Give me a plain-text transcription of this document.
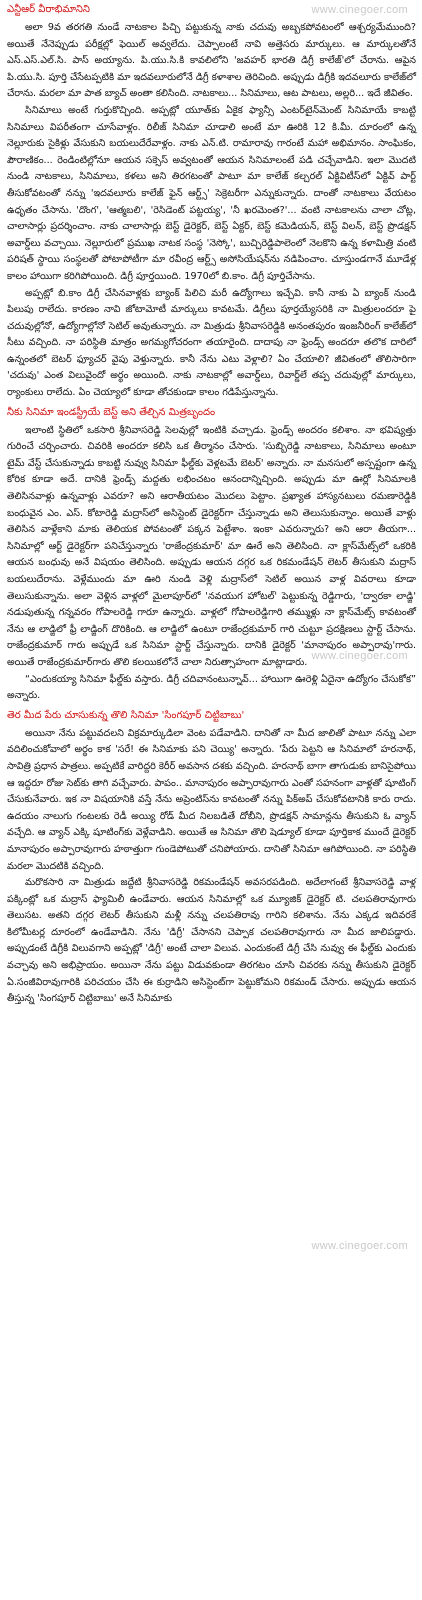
www.cinegoer.com
www.cinegoer.com
www.cinegoer.com
ఎన్టీఆర్ వీరాభిమానిని

అలా 9వ తరగతి నుండే నాటకాల పిచ్చి పట్టుకున్న నాకు చదువు అబ్బకపోవటంలో ఆశ్చర్యమేముంది? అయితే నేనెప్పుడు పరీక్షల్లో ఫెయిల్ అవ్వలేదు. చెప్పాలంటే నావి అత్తెసరు మార్కులు. ఆ మార్కులతోనే ఎస్.ఎస్.ఎల్.సి. పాస్ అయ్యాను. పి.యు.సి.కి కావలిలోని 'జవహర్ భారతి డిగ్రీ కాలేజ్'లో చేరాను. ఆపైన పి.యు.సి. పూర్తి చేసేటప్పటికి మా ఇదవలూరులోనే డిగ్రీ కళాశాల తెరిచింది. అప్పుడు డిగ్రీకి ఇదవలూరు కాలేజ్‌లో చేరాను. మరలా మా పాత బ్యాచ్ అంతా కలిసింది. నాటకాలు... సినిమాలు, ఆట పాటలు, అల్లరి... ఇదే జీవితం.

సినిమాలు అంటే గుర్తుకొచ్చింది. అప్పట్లో యూత్‌కు ఏకైక ఫ్యాన్సీ ఎంటర్‌టైన్‌మెంట్ సినిమాయే కాబట్టి సినిమాలు విపరీతంగా చూసేవాళ్లం. రిలీజ్ సినిమా చూడాలి అంటే మా ఊరికి 12 కి.మీ. దూరంలో ఉన్న నెల్లూరుకు సైకిళ్లు వేసుకుని బయలుదేరేవాళ్లం. నాకు ఎన్.టి. రామారావు గారంటే మహా అభిమానం. సాంఘికం, పౌరాణికం... రెండింటిల్లోనూ ఆయన సక్సెస్ అవ్వటంతో ఆయన సినిమాలంటే పడి చచ్చేవాడిని. ఇలా మొదటి నుండి నాటకాలు, సినిమాలు, కళలు అని తిరగటంతో పాటూ మా కాలేజ్ కల్చరల్ ఏక్టివిటీస్‌లో ఏక్టివ్ పార్ట్ తీసుకోవటంతో నన్ను 'ఇదవలూరు కాలేజ్ ఫైన్ ఆర్ట్స్' సెక్రెటరీగా ఎన్నుకున్నారు. దాంతో నాటకాలు వేయటం ఉధృతం చేసాను. 'దొంగ', 'ఆత్మబలి', 'రెసిడెంట్ పట్టయ్య', 'నీ ఖరమెంత?'... వంటి నాటకాలను చాలా చోట్ల, చాలాసార్లు ప్రదర్శించాం. నాకు చాలాసార్లు బెస్ట్ డైరెక్టర్, బెస్ట్ ఏక్టర్, బెస్ట్ కమెడియన్, బెస్ట్ విలన్, బెస్ట్ ప్రొడక్షన్ అవార్డ్‌లు వచ్చాయి. నెల్లూరులో ప్రముఖ నాటక సంస్థ 'నెస్కో', బుచ్చిరెడ్డిపాలెంలో నెలకొని ఉన్న కళామిత్రి వంటి పరిషత్ స్థాయి సంస్థలతో పోటాపోటీగా మా రవీంద్ర ఆర్ట్స్ అసోసియేషన్‌ను నడిపించాం. చూస్తుండగానే మూడేళ్ల కాలం హాయిగా కరిగిపోయింది. డిగ్రీ పూర్తయింది. 1970లో బి.కాం. డిగ్రీ పూర్తిచేసాను.

అప్పట్లో బి.కాం డిగ్రీ చేసినవాళ్లకు బ్యాంక్ పిలిచి మరీ ఉద్యోగాలు ఇచ్చేవి. కానీ నాకు ఏ బ్యాంక్ నుండి పిలుపు రాలేదు. కారణం నావి జోటామోటీ మార్కులు కావటమే. డిగ్రీలు పూర్తయ్యేసరికి నా మిత్రులందరూ పై చదువుల్లోనో, ఉద్యోగాల్లోనో సెటిల్ అవుతున్నారు. నా మిత్రుడు శ్రీనివాసరెడ్డికి అనంతపురం ఇంజనీరింగ్ కాలేజ్‌లో సీటు వచ్చింది. నా పరిస్థితి మాత్రం అగమ్యగోచరంగా తయారైంది. దాదాపు నా ఫ్రెండ్స్ అందరూ తలొక దారిలో ఉన్నంతలో బెటర్ ఫ్యూచర్ వైపు వెళ్తున్నారు. కానీ నేను ఎటు వెళ్లాలి? ఏం చేయాలి? జీవితంలో తొలిసారిగా 'చదువు' ఎంత విలువైందో అర్థం అయింది. నాకు నాటకాల్లో అవార్డ్‌లు, రివార్డ్‌లే తప్ప చదువుల్లో మార్కులు, ర్యాంకులు రాలేదు. ఏం చెయ్యాలో కూడా తోచకుండా కాలం గడిపేస్తున్నాను.

నీకు సినిమా ఇండస్ట్రీయే బెస్ట్ అని తేల్చిన మిత్రబృందం

ఇలాంటి స్థితిలో ఒకసారి శ్రీనివాసరెడ్డి సెలవుల్లో ఇంటికి వచ్చాడు. ఫ్రెండ్స్ అందరం కలిశాం. నా భవిష్యత్తు గురించే చర్చించారు. చివరికి అందరూ కలిసి ఒక తీర్మానం చేసారు. 'సుబ్బిరెడ్డి నాటకాలు, సినిమాలు అంటూ టైమ్ వేస్ట్ చేసుకున్నాడు కాబట్టి నువ్వు సినిమా ఫీల్డ్‌కు వెళ్లటమే బెటర్' అన్నారు. నా మనసులో అస్పష్టంగా ఉన్న కోరిక కూడా అదే. దానికి ఫ్రెండ్స్ మద్దతు లభించటం ఆనందాన్నిచ్చింది. అప్పుడు మా ఊర్లో సినిమాలకి తెలిసినవాళ్లు ఉన్నవాళ్లు ఎవరూ? అని ఆరాతీయటం మొదలు పెట్టాం. ప్రఖ్యాత హాస్యనటులు రమణారెడ్డికి బంధువైన ఎం. ఎస్. కోటారెడ్డి మద్రాస్‌లో అసిస్టెంట్ డైరెక్టర్‌గా చేస్తున్నాడు అని తెలుసుకున్నాం. అయితే వాళ్లు తెలిసిన వాళ్లేకాని మాకు తెలియక పోవటంతో పక్కన పెట్టేశాం. ఇంకా ఎవరున్నారు? అని ఆరా తీయగా... సినిమాల్లో ఆర్ట్ డైరెక్టర్‌గా పనిచేస్తున్నారు 'రాజేంద్రకుమార్' మా ఊరే అని తెలిసింది. నా క్లాస్‌మేట్స్‌లో ఒకరికి ఆయన బంధువు అనే విషయం తెలిసింది. అప్పుడు ఆయన దగ్గర ఒక రికమండేషన్ లెటర్ తీసుకుని మద్రాస్ బయలుదేరాను. వెళ్లేముందు మా ఊరి నుండి వెళ్లి మద్రాస్‌లో సెటిల్ అయిన వాళ్ల వివరాలు కూడా తెలుసుకున్నాను. అలా వెళ్లిన వాళ్లలో మైలాపూర్‌లో 'నవయుగ హోటల్' పెట్టుకున్న రెడ్డిగారు, 'ద్వారకా లాడ్జి' నడుపుతున్న గన్నవరం గోపాలరెడ్డి గారూ ఉన్నారు. వాళ్లలో గోపాలరెడ్డిగారి తమ్ముళ్లు నా క్లాస్‌మేట్స్ కావటంతో నేను ఆ లాడ్జిలో ఫ్రీ లాడ్జింగ్ దొరికింది. ఆ లాడ్జిలో ఉంటూ రాజేంద్రకుమార్ గారి చుట్టూ ప్రదక్షిణలు స్టార్ట్ చేసాను. రాజేంద్రకుమార్ గారు అప్పుడే ఒక సినిమా స్టార్ట్ చేస్తున్నారు. దానికి డైరెక్టర్ 'మానాపురం అప్పారావు'గారు. అయితే రాజేంద్రకుమార్‌గారు తొలి కలయికలోనే చాలా నిరుత్సాహంగా మాట్లాడారు.

“ఎందుకయ్యా సినిమా ఫీల్డ్‌కు వస్తారు. డిగ్రీ చదివానంటున్నావ్... హాయిగా ఊరెళ్లి ఏదైనా ఉద్యోగం చేసుకోక” అన్నారు.

తెర మీద పేరు చూసుకున్న తొలి సినిమా 'సింగపూర్ చిట్టిబాబు'

అయినా నేను పట్టువదలని విక్రమార్కుడిలా వెంట పడేవాడిని. దానితో నా మీద జాలితో పాటూ నన్ను ఎలా వదిలించుకోవాలో అర్థం కాక 'సరే! ఈ సినిమాకు పని చెయ్యి' అన్నారు. 'పేరు పెట్టని ఆ సినిమాలో హరనాథ్, సావిత్రి ప్రధాన పాత్రలు. అప్పటికే వారిద్దరి కెరీర్ అవసాన దశకు వచ్చింది. హరనాథ్ బాగా తాగుడుకు బానిసైపోయి ఆ ఇద్దరూ రోజు సెట్‌కు తాగి వచ్చేవారు. పాపం.. మానాపురం అప్పారావుగారు ఎంతో సహనంగా వాళ్లతో షూటింగ్ చేసుకునేవారు. ఇక నా విషయానికి వస్తే నేను అప్రెంటిస్‌ను కావటంతో నన్ను పిక్‌అప్ చేసుకోవటానికి కారు రాదు. ఉదయం నాలుగు గంటలకు రెడీ అయ్యి రోడ్ మీద నిలబడితే దోబీని, ప్రొడక్షన్ సామాన్లను తీసుకుని ఓ వ్యాన్ వచ్చేది. ఆ వ్యాన్ ఎక్కి షూటింగ్‌కు వెళ్లేవాడిని. అయితే ఆ సినిమా తొలి షెడ్యూల్ కూడా పూర్తికాక ముందే డైరెక్టర్ మానాపురం అప్పారావుగారు హఠాత్తుగా గుండెపోటుతో చనిపోయారు. దానితో సినిమా ఆగిపోయింది. నా పరిస్థితి మరలా మొదటికి వచ్చింది.

మరొకసారి నా మిత్రుడు జద్దేటి శ్రీనివాసరెడ్డి రికమండేషన్ అవసరపడింది. అదేలాగంటే శ్రీనివాసరెడ్డి వాళ్ల పక్కింట్లో ఒక మద్రాస్ ఫ్యామిలీ ఉండేవారు. ఆయన సినిమాల్లో ఒక మ్యూజిక్ డైరెక్టర్ టి. చలపతిరావుగారు తెలుసట. అతని దగ్గర లెటర్ తీసుకుని మళ్లీ నన్ను చలపతిరావు గారిని కలిశాను. నేను ఎక్కడ ఇదివరకే కిలోమీటర్ల దూరంలో ఉండేవాడిని. నేను 'డిగ్రీ' చేసానని చెప్పాక చలపతిరావుగారు నా మీద జాలిపడ్డారు. అప్పుడంటే డిగ్రీకి విలువగాని అప్పట్లో 'డిగ్రీ' అంటే చాలా విలువ. ఎందుకంటే డిగ్రీ చేసి నువ్వు ఈ ఫీల్డ్‌కు ఎందుకు వచ్చావు అని అభిప్రాయం. అయినా నేను పట్టు విడువకుండా తిరగటం చూసి చివరకు నన్ను తీసుకుని డైరెక్టర్ ఏ.సంజీవిరావుగారికి పరిచయం చేసి ఈ కుర్రాడిని అసిస్టెంట్‌గా పెట్టుకోమని రికమండ్ చేసారు. అప్పుడు ఆయన తీస్తున్న 'సింగపూర్ చిట్టిబాబు' అనే సినిమాకు
